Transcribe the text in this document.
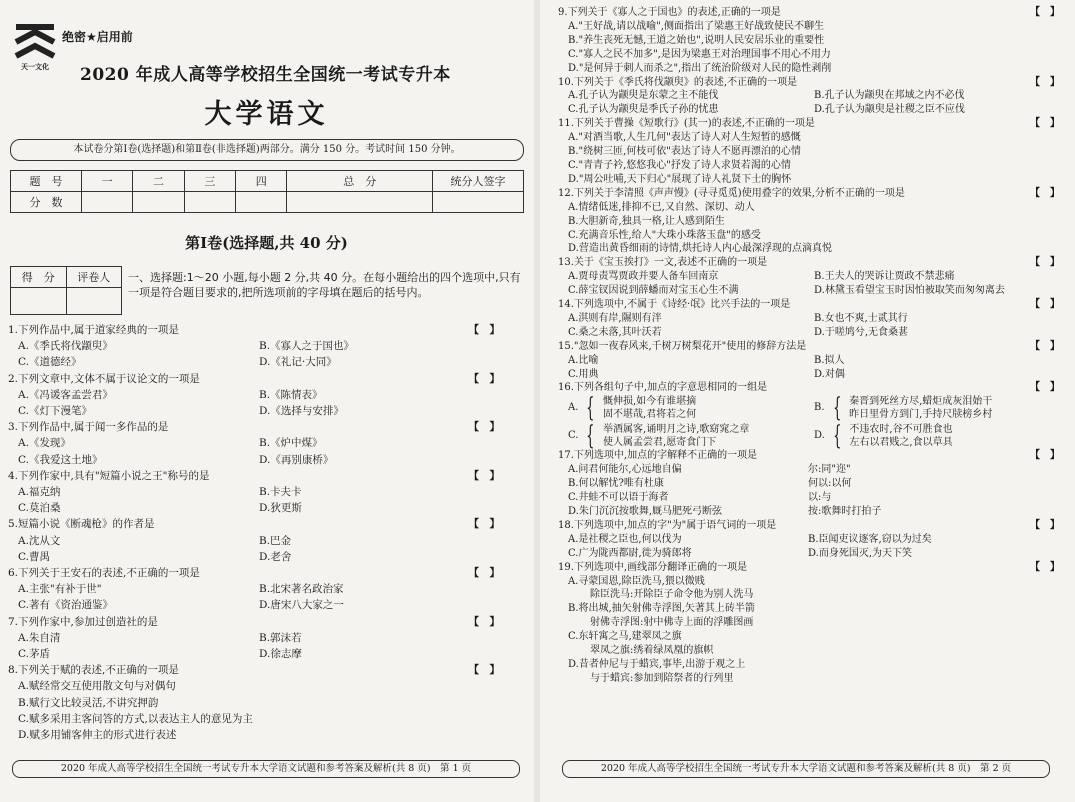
天一文化
绝密★启用前
2020 年成人高等学校招生全国统一考试专升本
大学语文
本试卷分第Ⅰ卷(选择题)和第Ⅱ卷(非选择题)两部分。满分 150 分。考试时间 150 分钟。
题　号	一	二	三	四	总　分	统分人签字
分　数						
第Ⅰ卷(选择题,共 40 分)
得　分	评卷人
	一、选择题:1～20 小题,每小题 2 分,共 40 分。在每小题给出的四个选项中,只有一项是符合题目要求的,把所选项前的字母填在题后的括号内。
1.下列作品中,属于道家经典的一项是	【　】
A.《季氏将伐颛臾》	B.《寡人之于国也》
C.《道德经》	D.《礼记·大同》
2.下列文章中,文体不属于议论文的一项是	【　】
A.《冯谖客孟尝君》	B.《陈情表》
C.《灯下漫笔》	D.《选择与安排》
3.下列作品中,属于闻一多作品的是	【　】
A.《发现》	B.《炉中煤》
C.《我爱这土地》	D.《再别康桥》
4.下列作家中,具有"短篇小说之王"称号的是	【　】
A.福克纳	B.卡夫卡
C.莫泊桑	D.狄更斯
5.短篇小说《断魂枪》的作者是	【　】
A.沈从文	B.巴金
C.曹禺	D.老舍
6.下列关于王安石的表述,不正确的一项是	【　】
A.主张"有补于世"	B.北宋著名政治家
C.著有《资治通鉴》	D.唐宋八大家之一
7.下列作家中,参加过创造社的是	【　】
A.朱自清	B.郭沫若
C.茅盾	D.徐志摩
8.下列关于赋的表述,不正确的一项是	【　】
A.赋经常交互使用散文句与对偶句
B.赋行文比较灵活,不讲究押韵
C.赋多采用主客问答的方式,以表达主人的意见为主
D.赋多用铺客伸主的形式进行表述
2020 年成人高等学校招生全国统一考试专升本大学语文试题和参考答案及解析(共 8 页)　第 1 页
9.下列关于《寡人之于国也》的表述,正确的一项是	【　】
A."王好战,请以战喻",侧面指出了梁惠王好战致使民不聊生
B."养生丧死无憾,王道之始也",说明人民安居乐业的重要性
C."寡人之民不加多",是因为梁惠王对治理国事不用心不用力
D."是何异于刺人而杀之",指出了统治阶级对人民的隐性剥削
10.下列关于《季氏将伐颛臾》的表述,不正确的一项是	【　】
A.孔子认为颛臾是东蒙之主不能伐	B.孔子认为颛臾在邦域之内不必伐
C.孔子认为颛臾是季氏子孙的忧患	D.孔子认为颛臾是社稷之臣不应伐
11.下列关于曹操《短歌行》(其一)的表述,不正确的一项是	【　】
A."对酒当歌,人生几何"表达了诗人对人生短暂的感慨
B."绕树三匝,何枝可依"表达了诗人不愿再漂泊的心情
C."青青子衿,悠悠我心"抒发了诗人求贤若渴的心情
D."周公吐哺,天下归心"展现了诗人礼贤下士的胸怀
12.下列关于李清照《声声慢》(寻寻觅觅)使用叠字的效果,分析不正确的一项是	【　】
A.情绪低迷,排抑不已,又自然、深切、动人
B.大胆新奇,独具一格,让人感到陌生
C.充满音乐性,给人"大珠小珠落玉盘"的感受
D.营造出黄昏细雨的诗情,烘托诗人内心最深浮现的点滴真悦
13.关于《宝玉挨打》一文,表述不正确的一项是	【　】
A.贾母责骂贾政并要人备车回南京	B.王夫人的哭诉让贾政不禁悲痛
C.薛宝钗因说到薛蟠而对宝玉心生不满	D.林黛玉看望宝玉时因怕被取笑而匆匆离去
14.下列选项中,不属于《诗经·氓》比兴手法的一项是	【　】
A.淇则有岸,隰则有泮	B.女也不爽,士贰其行
C.桑之未落,其叶沃若	D.于嗟鸠兮,无食桑葚
15."忽如一夜春风来,千树万树梨花开"使用的修辞方法是	【　】
A.比喻	B.拟人
C.用典	D.对偶
16.下列各组句子中,加点的字意思相同的一组是	【　】
A. { 慨伸损,如今有谁堪摘
固不堪哉,君将若之何
B. { 秦晋到死丝方尽,蜡炬成灰泪始干
昨日里骨方到门,手持尺牍榜乡村
C. { 举酒属客,诵明月之诗,歌窈窕之章
使人属孟尝君,愿寄食门下
D. { 不违农时,谷不可胜食也
左右以君贱之,食以草具
17.下列选项中,加点的字解释不正确的一项是	【　】
A.问君何能尔,心远地自偏	尔:同"迩"
B.何以解忧?唯有杜康	何以:以何
C.井蛙不可以语于海者	以:与
D.朱门沉沉按歌舞,厩马肥死弓断弦	按:歌舞时打拍子
18.下列选项中,加点的字"为"属于语气词的一项是	【　】
A.是社稷之臣也,何以伐为	B.臣闻吏议逐客,窃以为过矣
C.广为陇西都尉,徙为骑郎将	D.而身死国灭,为天下笑
19.下列选项中,画线部分翻译正确的一项是	【　】
A.寻蒙国恩,除臣洗马,猥以微贱
除臣洗马:开除臣子命令他为别人洗马
B.将出城,抽矢射佛寺浮图,矢著其上砖半箭
射佛寺浮图:射中佛寺上面的浮雕图画
C.东轩寓之马,建翠凤之旗
翠凤之旗:绣着绿凤凰的旗帜
D.昔者仲尼与于蜡宾,事毕,出游于观之上
与于蜡宾:参加到陪祭者的行列里
2020 年成人高等学校招生全国统一考试专升本大学语文试题和参考答案及解析(共 8 页)　第 2 页
